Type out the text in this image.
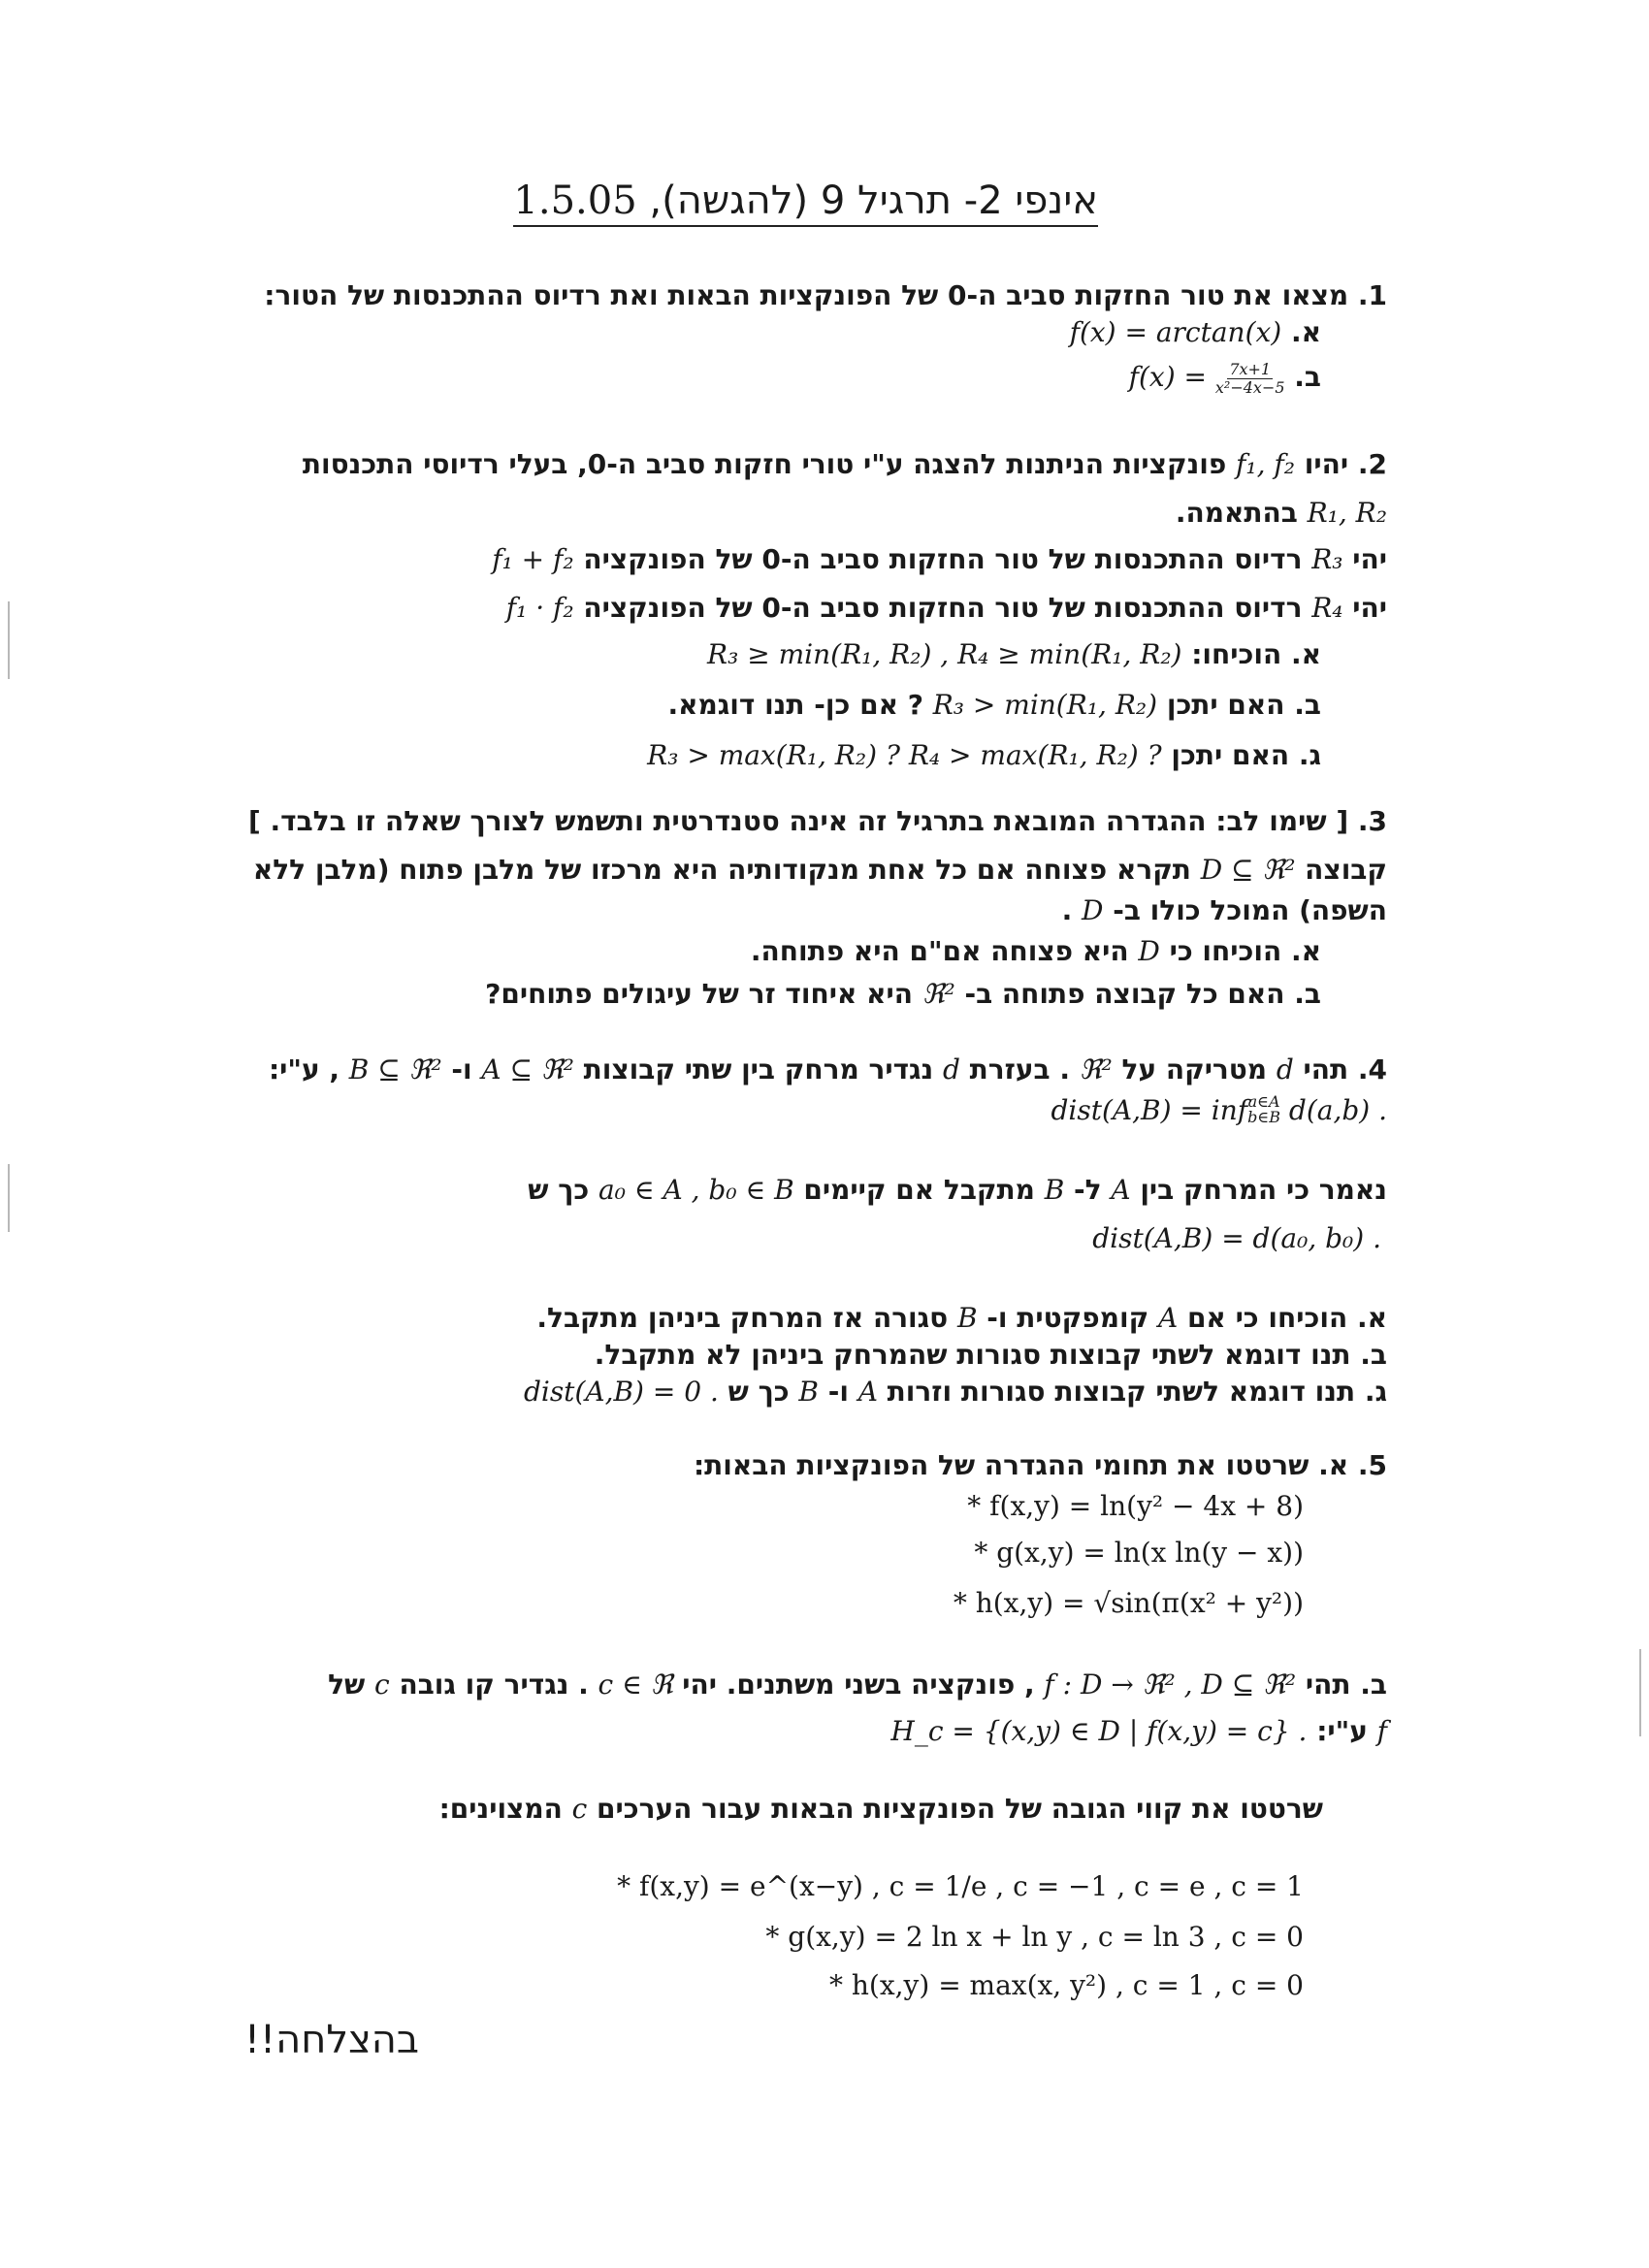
אינפי 2- תרגיל 9 (להגשה), 1.5.05
1. מצאו את טור החזקות סביב ה-0 של הפונקציות הבאות ואת רדיוס ההתכנסות של הטור:
א. f(x) = arctan(x)
ב. $f(x) = \frac{7x+1}{\text{x²−4x−5}}$
2. יהיו f₁, f₂ פונקציות הניתנות להצגה ע"י טורי חזקות סביב ה-0, בעלי רדיוסי התכנסות
R₁, R₂ בהתאמה.
יהי R₃ רדיוס ההתכנסות של טור החזקות סביב ה-0 של הפונקציה f₁ + f₂
יהי R₄ רדיוס ההתכנסות של טור החזקות סביב ה-0 של הפונקציה f₁ · f₂
א. הוכיחו: R₃ ≥ min(R₁, R₂) , R₄ ≥ min(R₁, R₂)
ב. האם יתכן R₃ > min(R₁, R₂) ? אם כן- תנו דוגמא.
ג. האם יתכן R₃ > max(R₁, R₂) ? R₄ > max(R₁, R₂) ?
3. [ שימו לב: ההגדרה המובאת בתרגיל זה אינה סטנדרטית ותשמש לצורך שאלה זו בלבד. ]
קבוצה D ⊆ ℜ² תקרא פצוחה אם כל אחת מנקודותיה היא מרכזו של מלבן פתוח (מלבן ללא
השפה) המוכל כולו ב- D .
א. הוכיחו כי D היא פצוחה אם"ם היא פתוחה.
ב. האם כל קבוצה פתוחה ב- ℜ² היא איחוד זר של עיגולים פתוחים?
4. תהי d מטריקה על ℜ² . בעזרת d נגדיר מרחק בין שתי קבוצות A ⊆ ℜ² ו- B ⊆ ℜ² , ע"י:
dist(A,B) = inf a∈A
b∈B d(a,b) .
נאמר כי המרחק בין A ל- B מתקבל אם קיימים a₀ ∈ A , b₀ ∈ B כך ש
dist(A,B) = d(a₀, b₀) .
א. הוכיחו כי אם A קומפקטית ו- B סגורה אז המרחק ביניהן מתקבל.
ב. תנו דוגמא לשתי קבוצות סגורות שהמרחק ביניהן לא מתקבל.
ג. תנו דוגמא לשתי קבוצות סגורות וזרות A ו- B כך ש dist(A,B) = 0 .
5. א. שרטטו את תחומי ההגדרה של הפונקציות הבאות:
* f(x,y) = ln(y² − 4x + 8)
* g(x,y) = ln(x ln(y − x))
* h(x,y) = √sin(π(x² + y²))
ב. תהי f : D → ℜ² , D ⊆ ℜ² , פונקציה בשני משתנים. יהי c ∈ ℜ . נגדיר קו גובה c של
f ע"י: H_c = {(x,y) ∈ D | f(x,y) = c} .
שרטטו את קווי הגובה של הפונקציות הבאות עבור הערכים c המצוינים:
* f(x,y) = e^(x−y) , c = 1/e , c = −1 , c = e , c = 1
* g(x,y) = 2 ln x + ln y , c = ln 3 , c = 0
* h(x,y) = max(x, y²) , c = 1 , c = 0
בהצלחה!!
